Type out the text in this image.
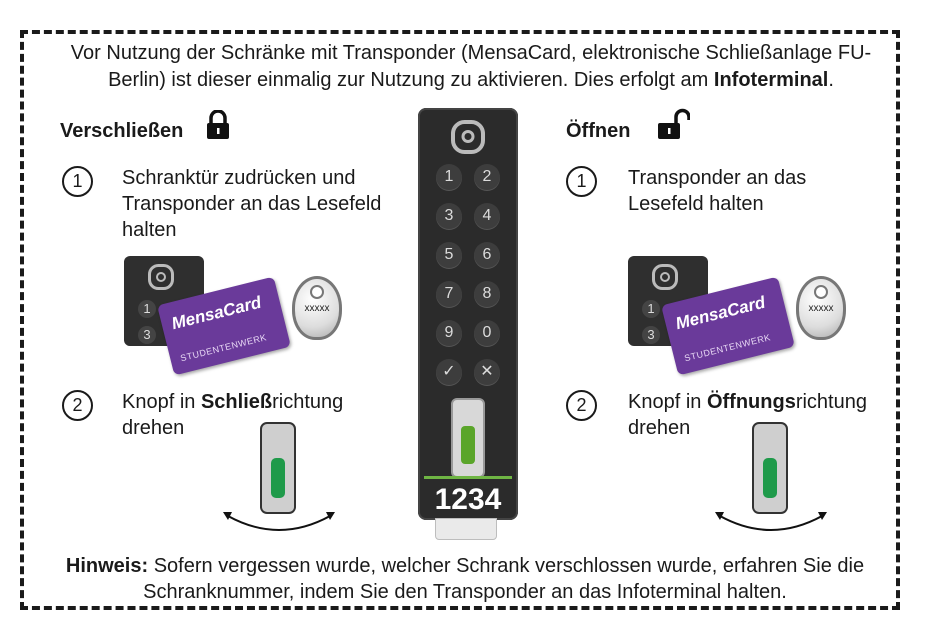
Vor Nutzung der Schränke mit Transponder (MensaCard, elektronische Schließanlage FU-Berlin) ist dieser einmalig zur Nutzung zu aktivieren. Dies erfolgt am Infoterminal.
Verschließen
1	Schranktür zudrücken und Transponder an das Lesefeld halten
1
3
MensaCard
STUDENTENWERK
xxxxx
2	Knopf in Schließrichtung drehen
1	2
3	4
5	6
7	8
9	0
✓	✕
1234
Öffnen
1	Transponder an das Lesefeld halten
1
3
MensaCard
STUDENTENWERK
xxxxx
2	Knopf in Öffnungsrichtung drehen
Hinweis: Sofern vergessen wurde, welcher Schrank verschlossen wurde, erfahren Sie die Schranknummer, indem Sie den Transponder an das Infoterminal halten.
